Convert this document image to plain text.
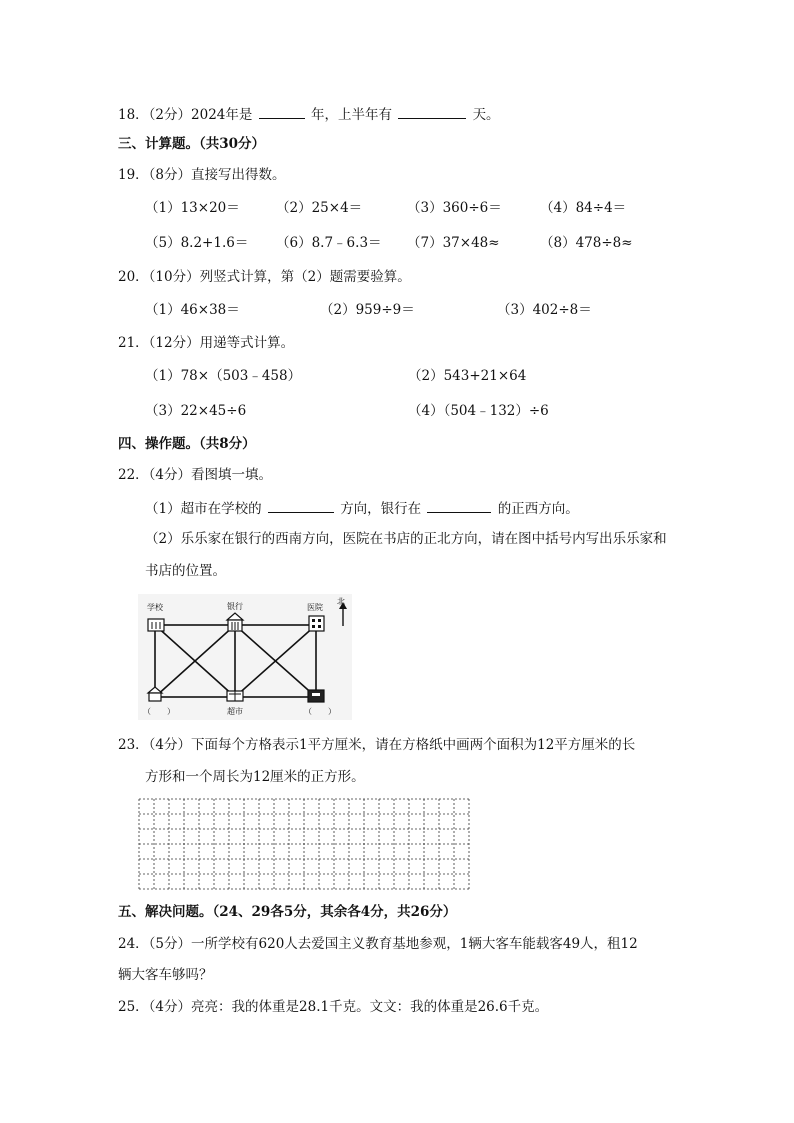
18．（2分）2024年是	年，上半年有	天。
三、计算题。（共30分）
19．（8分）直接写出得数。
（1）13×20＝	（2）25×4＝	（3）360÷6＝	（4）84÷4＝
（5）8.2+1.6＝ （6）8.7﹣6.3＝ （7）37×48≈	（8）478÷8≈
20．（10分）列竖式计算，第（2）题需要验算。
（1）46×38＝	（2）959÷9＝	（3）402÷8＝
21．（12分）用递等式计算。
（1）78×（503﹣458）	（2）543+21×64
（3）22×45÷6	（4）（504﹣132）÷6
四、操作题。（共8分）
22．（4分）看图填一填。
（1）超市在学校的	方向，银行在	的正西方向。
（2）乐乐家在银行的西南方向，医院在书店的正北方向，请在图中括号内写出乐乐家和
书店的位置。
学校	银行	医院
北
超市
（　　）	（　　）
23．（4分）下面每个方格表示1平方厘米，请在方格纸中画两个面积为12平方厘米的长
方形和一个周长为12厘米的正方形。
五、解决问题。（24、29各5分，其余各4分，共26分）
24．（5分）一所学校有620人去爱国主义教育基地参观，1辆大客车能载客49人，租12
辆大客车够吗？
25．（4分）亮亮：我的体重是28.1千克。文文：我的体重是26.6千克。
